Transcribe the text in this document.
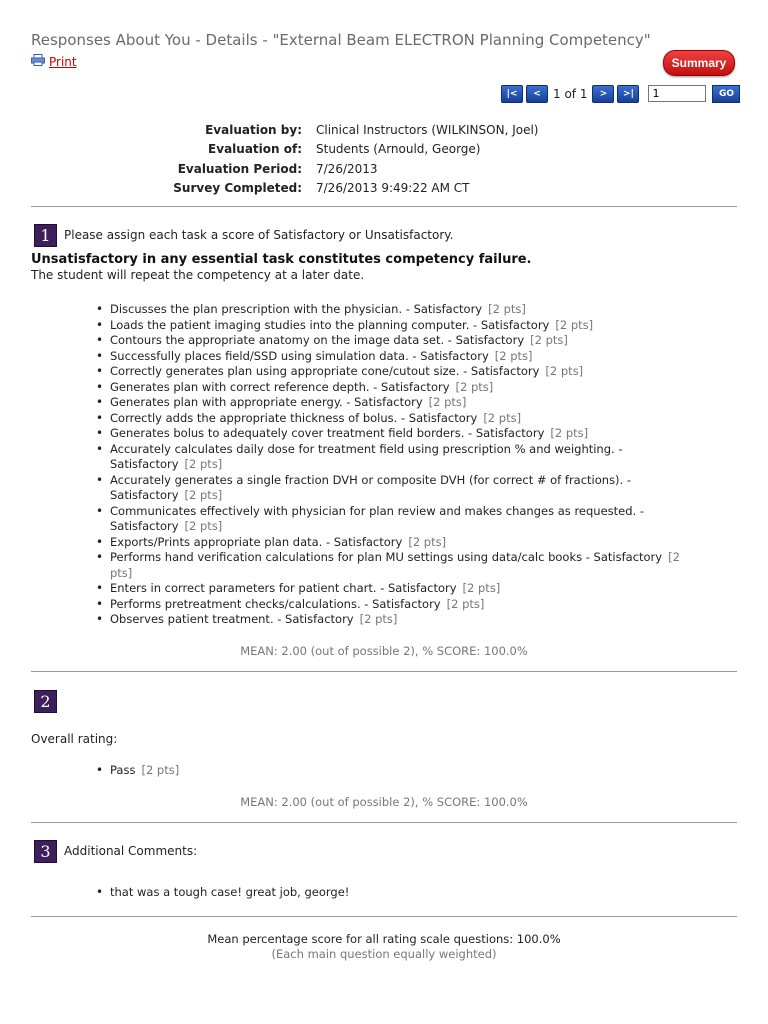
Responses About You - Details - "External Beam ELECTRON Planning Competency"
Print	Summary
|<	<	1 of 1	>	>|
1	GO
Evaluation by:	Clinical Instructors (WILKINSON, Joel)
Evaluation of:	Students (Arnould, George)
Evaluation Period:	7/26/2013
Survey Completed:	7/26/2013 9:49:22 AM CT
1	Please assign each task a score of Satisfactory or Unsatisfactory.
Unsatisfactory in any essential task constitutes competency failure.
The student will repeat the competency at a later date.
• Discusses the plan prescription with the physician. - Satisfactory [2 pts]
• Loads the patient imaging studies into the planning computer. - Satisfactory [2 pts]
• Contours the appropriate anatomy on the image data set. - Satisfactory [2 pts]
• Successfully places field/SSD using simulation data. - Satisfactory [2 pts]
• Correctly generates plan using appropriate cone/cutout size. - Satisfactory [2 pts]
• Generates plan with correct reference depth. - Satisfactory [2 pts]
• Generates plan with appropriate energy. - Satisfactory [2 pts]
• Correctly adds the appropriate thickness of bolus. - Satisfactory [2 pts]
• Generates bolus to adequately cover treatment field borders. - Satisfactory [2 pts]
• Accurately calculates daily dose for treatment field using prescription % and weighting. - Satisfactory [2 pts]
• Accurately generates a single fraction DVH or composite DVH (for correct # of fractions). - Satisfactory [2 pts]
• Communicates effectively with physician for plan review and makes changes as requested. - Satisfactory [2 pts]
• Exports/Prints appropriate plan data. - Satisfactory [2 pts]
• Performs hand verification calculations for plan MU settings using data/calc books - Satisfactory [2 pts]
• Enters in correct parameters for patient chart. - Satisfactory [2 pts]
• Performs pretreatment checks/calculations. - Satisfactory [2 pts]
• Observes patient treatment. - Satisfactory [2 pts]
MEAN: 2.00 (out of possible 2), % SCORE: 100.0%
2
Overall rating:
• Pass [2 pts]
MEAN: 2.00 (out of possible 2), % SCORE: 100.0%
3	Additional Comments:
• that was a tough case! great job, george!
Mean percentage score for all rating scale questions: 100.0%
(Each main question equally weighted)
